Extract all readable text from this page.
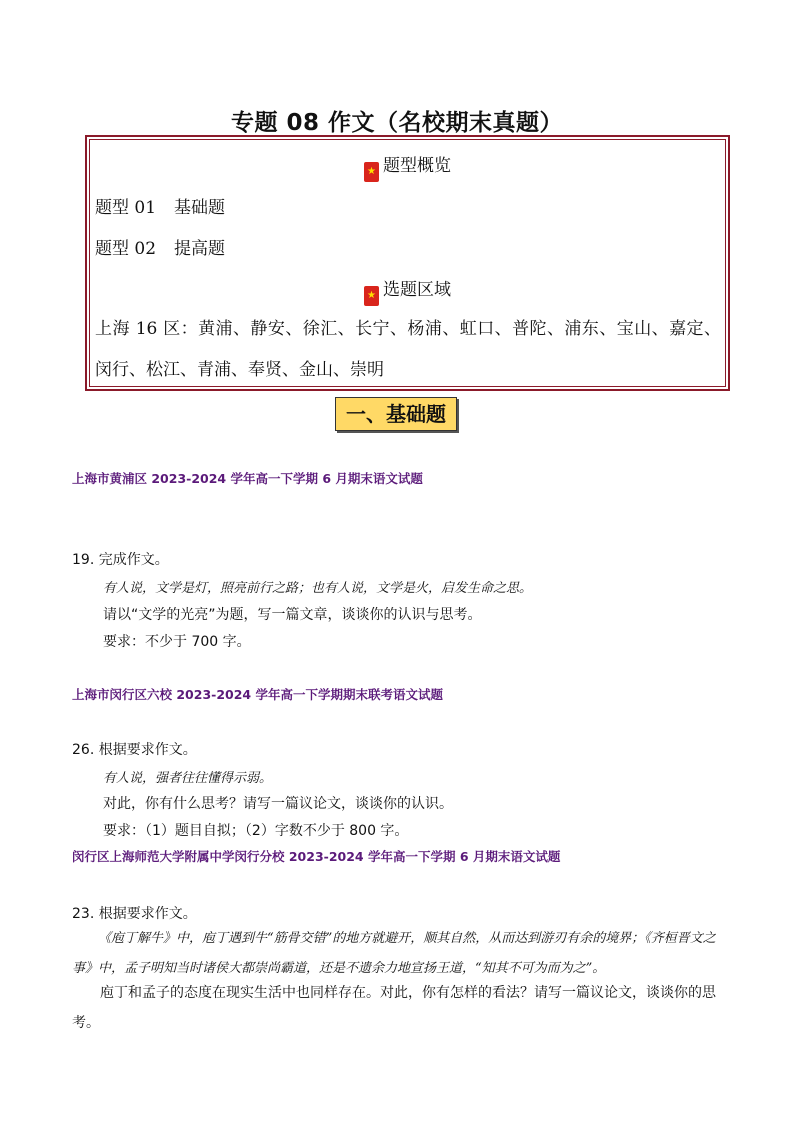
专题 08 作文（名校期末真题）
★ 题型概览
题型 01 基础题
题型 02 提高题
★ 选题区域
上海 16 区：黄浦、静安、徐汇、长宁、杨浦、虹口、普陀、浦东、宝山、嘉定、闵行、松江、青浦、奉贤、金山、崇明
一、基础题
上海市黄浦区 2023-2024 学年高一下学期 6 月期末语文试题
19. 完成作文。
有人说，文学是灯，照亮前行之路；也有人说，文学是火，启发生命之思。
请以“文学的光亮”为题，写一篇文章，谈谈你的认识与思考。
要求：不少于 700 字。
上海市闵行区六校 2023-2024 学年高一下学期期末联考语文试题
26. 根据要求作文。
有人说，强者往往懂得示弱。
对此，你有什么思考？请写一篇议论文，谈谈你的认识。
要求：（1）题目自拟；（2）字数不少于 800 字。
闵行区上海师范大学附属中学闵行分校 2023-2024 学年高一下学期 6 月期末语文试题
23. 根据要求作文。
《庖丁解牛》中，庖丁遇到牛“筋骨交错”的地方就避开，顺其自然，从而达到游刃有余的境界；《齐桓晋文之事》中，孟子明知当时诸侯大都崇尚霸道，还是不遗余力地宣扬王道，“知其不可为而为之”。
庖丁和孟子的态度在现实生活中也同样存在。对此，你有怎样的看法？请写一篇议论文，谈谈你的思考。
